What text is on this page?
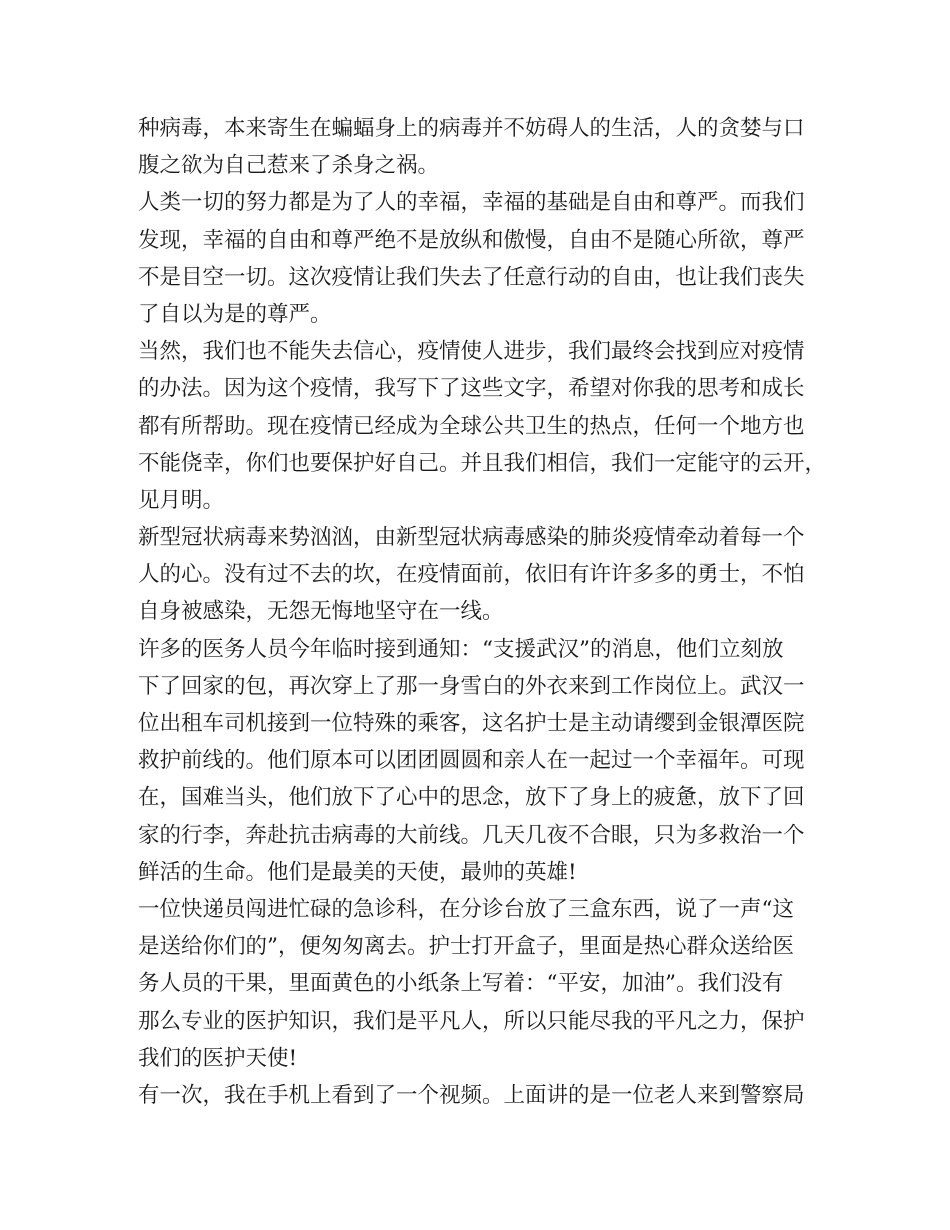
种病毒，本来寄生在蝙蝠身上的病毒并不妨碍人的生活，人的贪婪与口
腹之欲为自己惹来了杀身之祸。
人类一切的努力都是为了人的幸福，幸福的基础是自由和尊严。而我们
发现，幸福的自由和尊严绝不是放纵和傲慢，自由不是随心所欲，尊严
不是目空一切。这次疫情让我们失去了任意行动的自由，也让我们丧失
了自以为是的尊严。
当然，我们也不能失去信心，疫情使人进步，我们最终会找到应对疫情
的办法。因为这个疫情，我写下了这些文字，希望对你我的思考和成长
都有所帮助。现在疫情已经成为全球公共卫生的热点，任何一个地方也
不能侥幸，你们也要保护好自己。并且我们相信，我们一定能守的云开，
见月明。
新型冠状病毒来势汹汹，由新型冠状病毒感染的肺炎疫情牵动着每一个
人的心。没有过不去的坎，在疫情面前，依旧有许许多多的勇士，不怕
自身被感染，无怨无悔地坚守在一线。
许多的医务人员今年临时接到通知：“支援武汉”的消息，他们立刻放
下了回家的包，再次穿上了那一身雪白的外衣来到工作岗位上。武汉一
位出租车司机接到一位特殊的乘客，这名护士是主动请缨到金银潭医院
救护前线的。他们原本可以团团圆圆和亲人在一起过一个幸福年。可现
在，国难当头，他们放下了心中的思念，放下了身上的疲惫，放下了回
家的行李，奔赴抗击病毒的大前线。几天几夜不合眼，只为多救治一个
鲜活的生命。他们是最美的天使，最帅的英雄!
一位快递员闯进忙碌的急诊科，在分诊台放了三盒东西，说了一声“这
是送给你们的”，便匆匆离去。护士打开盒子，里面是热心群众送给医
务人员的干果，里面黄色的小纸条上写着：“平安，加油”。我们没有
那么专业的医护知识，我们是平凡人，所以只能尽我的平凡之力，保护
我们的医护天使!
有一次，我在手机上看到了一个视频。上面讲的是一位老人来到警察局
